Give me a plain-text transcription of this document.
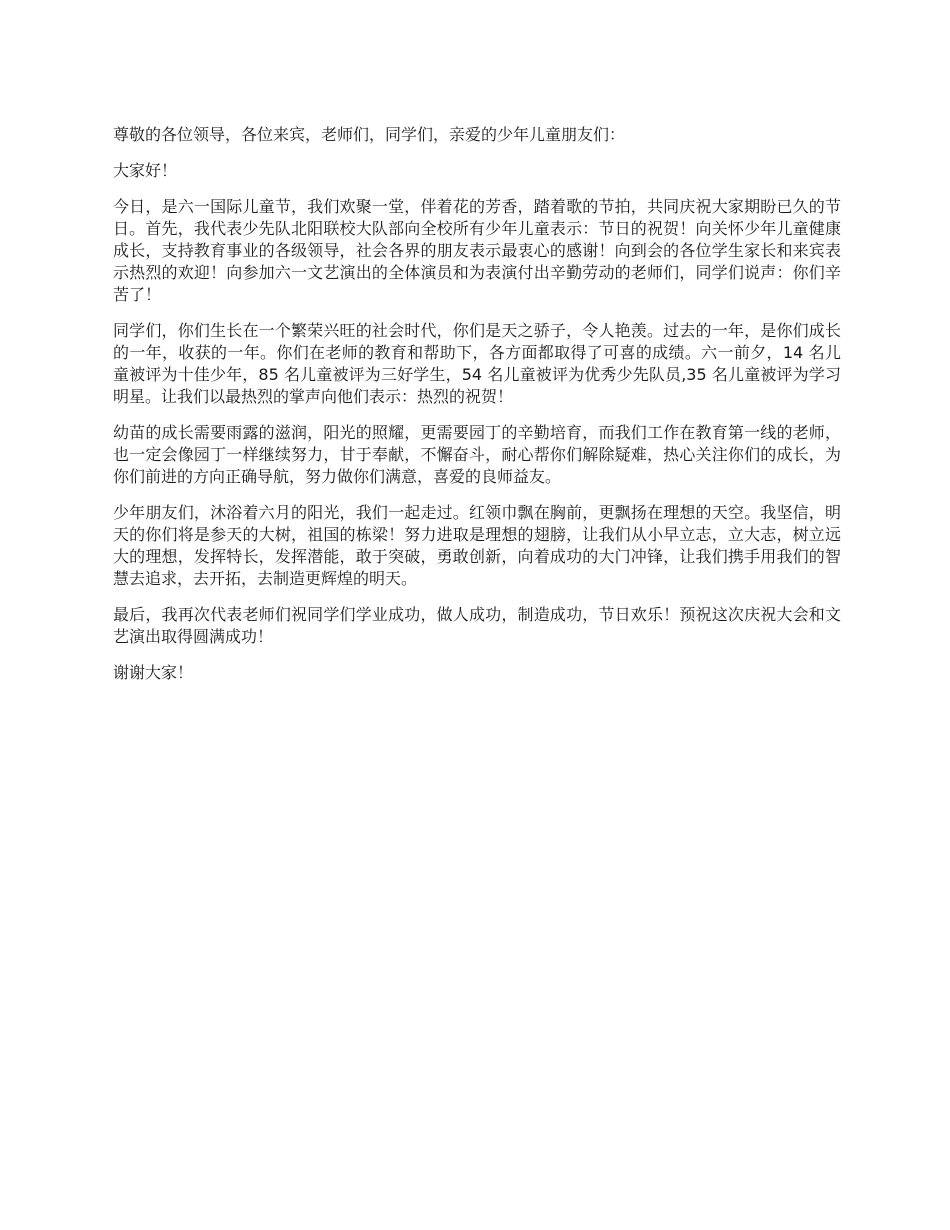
尊敬的各位领导，各位来宾，老师们，同学们，亲爱的少年儿童朋友们：

大家好！

今日，是六一国际儿童节，我们欢聚一堂，伴着花的芳香，踏着歌的节拍，共同庆祝大家期盼已久的节日。首先，我代表少先队北阳联校大队部向全校所有少年儿童表示：节日的祝贺！向关怀少年儿童健康成长，支持教育事业的各级领导，社会各界的朋友表示最衷心的感谢！向到会的各位学生家长和来宾表示热烈的欢迎！向参加六一文艺演出的全体演员和为表演付出辛勤劳动的老师们，同学们说声：你们辛苦了！

同学们，你们生长在一个繁荣兴旺的社会时代，你们是天之骄子，令人艳羡。过去的一年，是你们成长的一年，收获的一年。你们在老师的教育和帮助下，各方面都取得了可喜的成绩。六一前夕，14 名儿童被评为十佳少年，85 名儿童被评为三好学生，54 名儿童被评为优秀少先队员,35 名儿童被评为学习明星。让我们以最热烈的掌声向他们表示：热烈的祝贺！

幼苗的成长需要雨露的滋润，阳光的照耀，更需要园丁的辛勤培育，而我们工作在教育第一线的老师，也一定会像园丁一样继续努力，甘于奉献，不懈奋斗，耐心帮你们解除疑难，热心关注你们的成长，为你们前进的方向正确导航，努力做你们满意，喜爱的良师益友。

少年朋友们，沐浴着六月的阳光，我们一起走过。红领巾飘在胸前，更飘扬在理想的天空。我坚信，明天的你们将是参天的大树，祖国的栋梁！努力进取是理想的翅膀，让我们从小早立志，立大志，树立远大的理想，发挥特长，发挥潜能，敢于突破，勇敢创新，向着成功的大门冲锋，让我们携手用我们的智慧去追求，去开拓，去制造更辉煌的明天。

最后，我再次代表老师们祝同学们学业成功，做人成功，制造成功，节日欢乐！预祝这次庆祝大会和文艺演出取得圆满成功！

谢谢大家！
